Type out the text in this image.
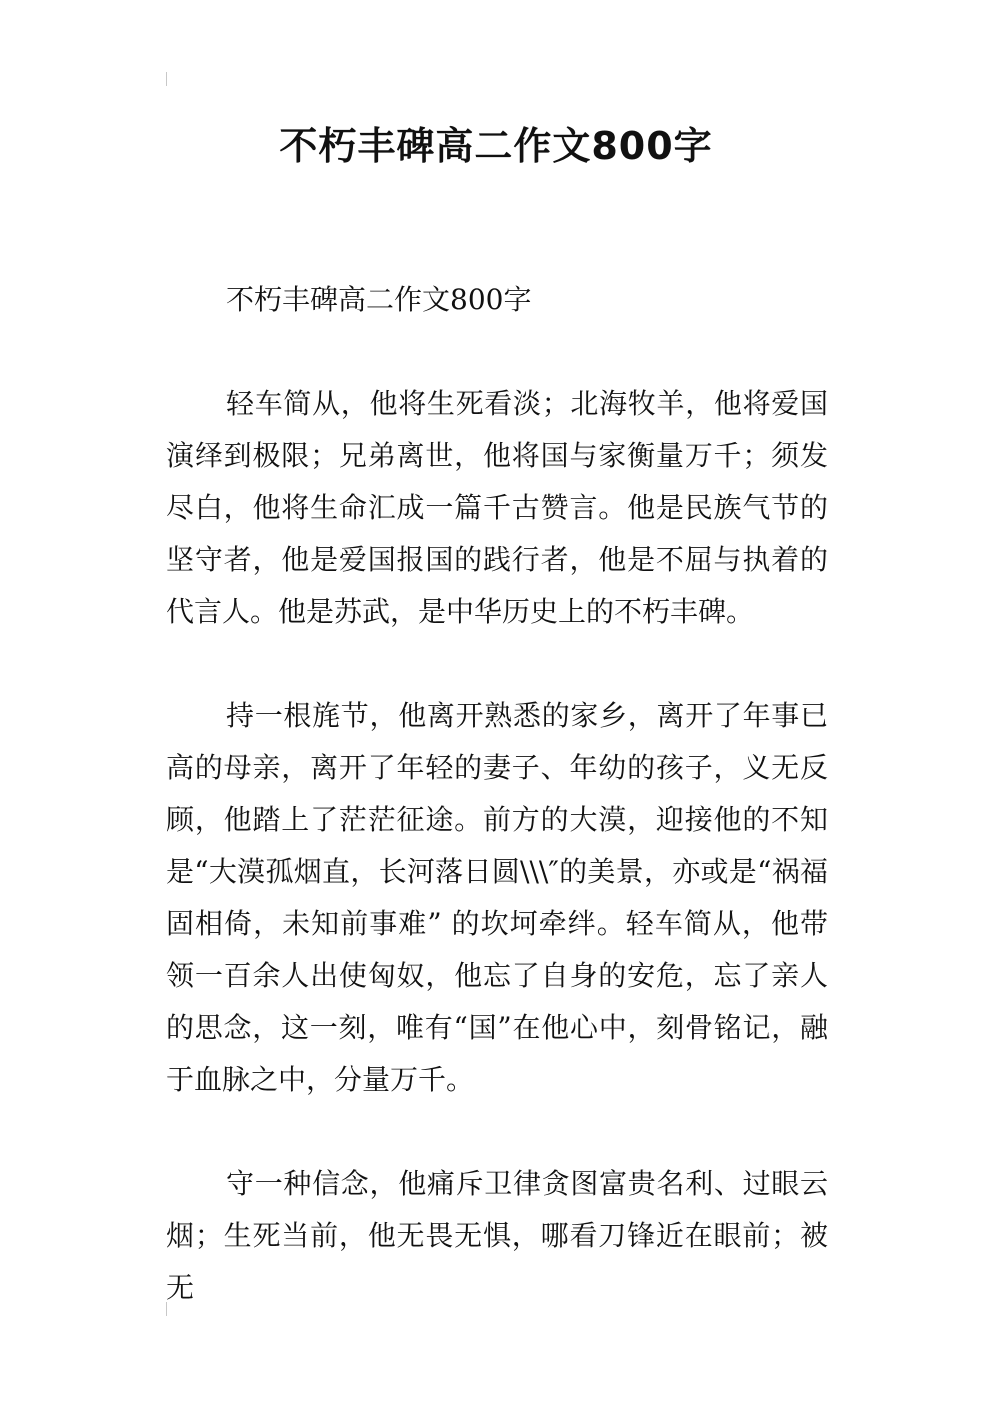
不朽丰碑高二作文800字

不朽丰碑高二作文800字

轻车简从，他将生死看淡；北海牧羊，他将爱国演绎到极限；兄弟离世，他将国与家衡量万千；须发尽白，他将生命汇成一篇千古赞言。他是民族气节的坚守者，他是爱国报国的践行者，他是不屈与执着的代言人。他是苏武，是中华历史上的不朽丰碑。

持一根旄节，他离开熟悉的家乡，离开了年事已高的母亲，离开了年轻的妻子、年幼的孩子，义无反顾，他踏上了茫茫征途。前方的大漠，迎接他的不知是“大漠孤烟直，长河落日圆\\\″的美景，亦或是“祸福固相倚，未知前事难” 的坎坷牵绊。轻车简从，他带领一百余人出使匈奴，他忘了自身的安危，忘了亲人的思念，这一刻，唯有“国”在他心中，刻骨铭记，融于血脉之中，分量万千。

守一种信念，他痛斥卫律贪图富贵名利、过眼云烟；生死当前，他无畏无惧，哪看刀锋近在眼前；被无
